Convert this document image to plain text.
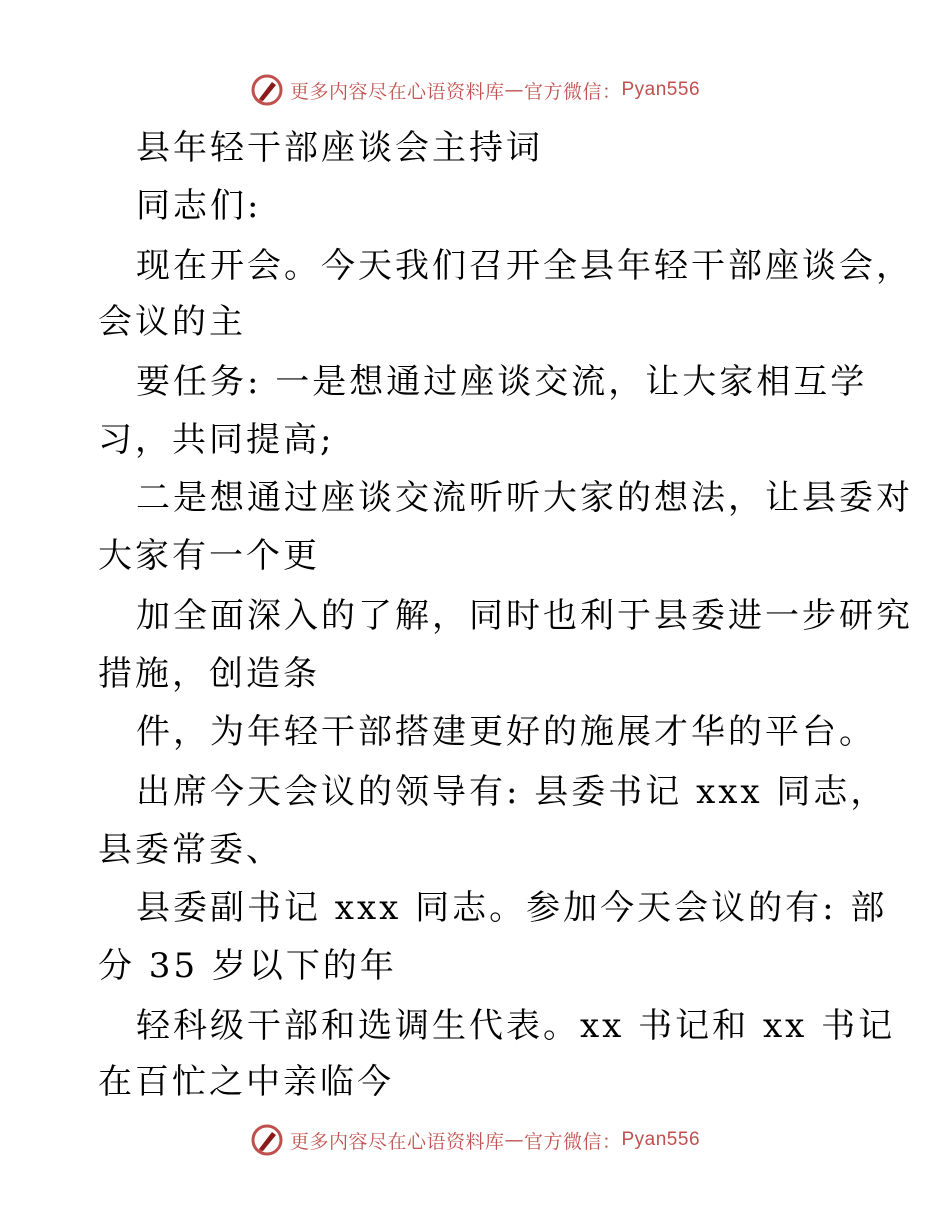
更多内容尽在心语资料库 — 官方微信： Pyan556
县年轻干部座谈会主持词
同志们:
现在开会。今天我们召开全县年轻干部座谈会，
会议的主
要任务: 一是想通过座谈交流，让大家相互学
习，共同提高;
二是想通过座谈交流听听大家的想法，让县委对
大家有一个更
加全面深入的了解，同时也利于县委进一步研究
措施，创造条
件，为年轻干部搭建更好的施展才华的平台。
出席今天会议的领导有: 县委书记 xxx 同志，
县委常委、
县委副书记 xxx 同志。参加今天会议的有: 部
分 35 岁以下的年
轻科级干部和选调生代表。xx 书记和 xx 书记
在百忙之中亲临今
更多内容尽在心语资料库 — 官方微信： Pyan556
